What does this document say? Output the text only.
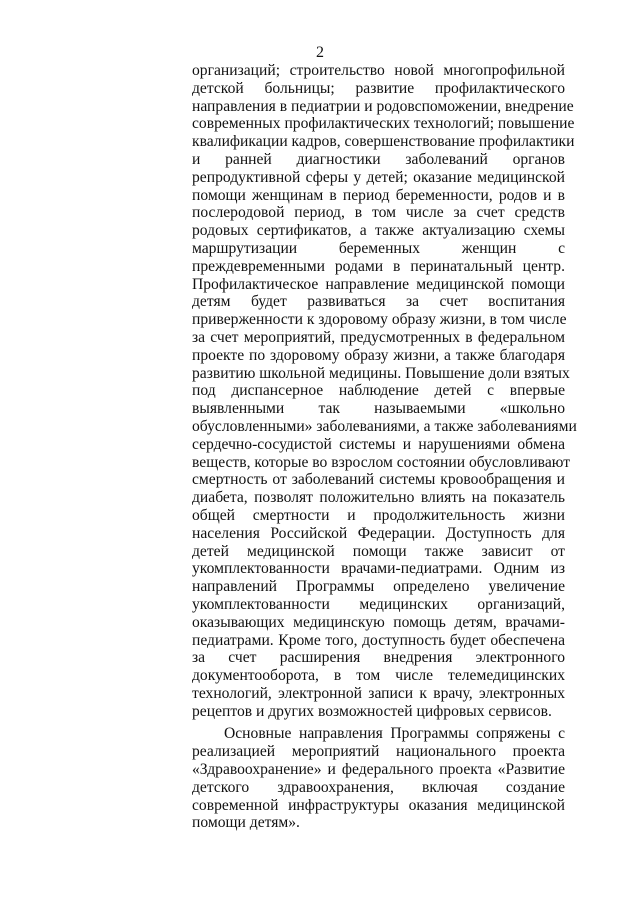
2
организаций; строительство новой многопрофильной
детской больницы; развитие профилактического
направления в педиатрии и родовспоможении, внедрение
современных профилактических технологий; повышение
квалификации кадров, совершенствование профилактики
и ранней диагностики заболеваний органов
репродуктивной сферы у детей; оказание медицинской
помощи женщинам в период беременности, родов и в
послеродовой период, в том числе за счет средств
родовых сертификатов, а также актуализацию схемы
маршрутизации беременных женщин с
преждевременными родами в перинатальный центр.
Профилактическое направление медицинской помощи
детям будет развиваться за счет воспитания
приверженности к здоровому образу жизни, в том числе
за счет мероприятий, предусмотренных в федеральном
проекте по здоровому образу жизни, а также благодаря
развитию школьной медицины. Повышение доли взятых
под диспансерное наблюдение детей с впервые
выявленными так называемыми «школьно
обусловленными» заболеваниями, а также заболеваниями
сердечно-сосудистой системы и нарушениями обмена
веществ, которые во взрослом состоянии обусловливают
смертность от заболеваний системы кровообращения и
диабета, позволят положительно влиять на показатель
общей смертности и продолжительность жизни
населения Российской Федерации. Доступность для
детей медицинской помощи также зависит от
укомплектованности врачами-педиатрами. Одним из
направлений Программы определено увеличение
укомплектованности медицинских организаций,
оказывающих медицинскую помощь детям, врачами-
педиатрами. Кроме того, доступность будет обеспечена
за счет расширения внедрения электронного
документооборота, в том числе телемедицинских
технологий, электронной записи к врачу, электронных
рецептов и других возможностей цифровых сервисов.
Основные направления Программы сопряжены с
реализацией мероприятий национального проекта
«Здравоохранение» и федерального проекта «Развитие
детского здравоохранения, включая создание
современной инфраструктуры оказания медицинской
помощи детям».
